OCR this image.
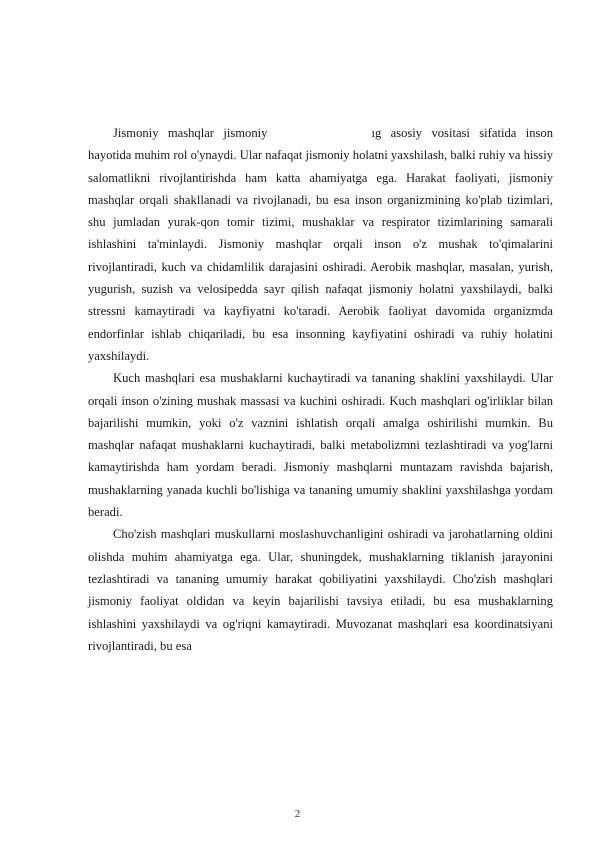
Jismoniy mashqlar jismoniy	ıg asosiy vositasi sifatida inson hayotida muhim rol o'ynaydi. Ular nafaqat jismoniy holatni yaxshilash, balki ruhiy va hissiy salomatlikni rivojlantirishda ham katta ahamiyatga ega. Harakat faoliyati, jismoniy mashqlar orqali shakllanadi va rivojlanadi, bu esa inson organizmining ko'plab tizimlari, shu jumladan yurak-qon tomir tizimi, mushaklar va respirator tizimlarining samarali ishlashini ta'minlaydi. Jismoniy mashqlar orqali inson o'z mushak to'qimalarini rivojlantiradi, kuch va chidamlilik darajasini oshiradi. Aerobik mashqlar, masalan, yurish, yugurish, suzish va velosipedda sayr qilish nafaqat jismoniy holatni yaxshilaydi, balki stressni kamaytiradi va kayfiyatni ko'taradi. Aerobik faoliyat davomida organizmda endorfinlar ishlab chiqariladi, bu esa insonning kayfiyatini oshiradi va ruhiy holatini yaxshilaydi.

Kuch mashqlari esa mushaklarni kuchaytiradi va tananing shaklini yaxshilaydi. Ular orqali inson o'zining mushak massasi va kuchini oshiradi. Kuch mashqlari og'irliklar bilan bajarilishi mumkin, yoki o'z vaznini ishlatish orqali amalga oshirilishi mumkin. Bu mashqlar nafaqat mushaklarni kuchaytiradi, balki metabolizmni tezlashtiradi va yog'larni kamaytirishda ham yordam beradi. Jismoniy mashqlarni muntazam ravishda bajarish, mushaklarning yanada kuchli bo'lishiga va tananing umumiy shaklini yaxshilashga yordam beradi.

Cho'zish mashqlari muskullarni moslashuvchanligini oshiradi va jarohatlarning oldini olishda muhim ahamiyatga ega. Ular, shuningdek, mushaklarning tiklanish jarayonini tezlashtiradi va tananing umumiy harakat qobiliyatini yaxshilaydi. Cho'zish mashqlari jismoniy faoliyat oldidan va keyin bajarilishi tavsiya etiladi, bu esa mushaklarning ishlashini yaxshilaydi va og'riqni kamaytiradi. Muvozanat mashqlari esa koordinatsiyani rivojlantiradi, bu esa

2
